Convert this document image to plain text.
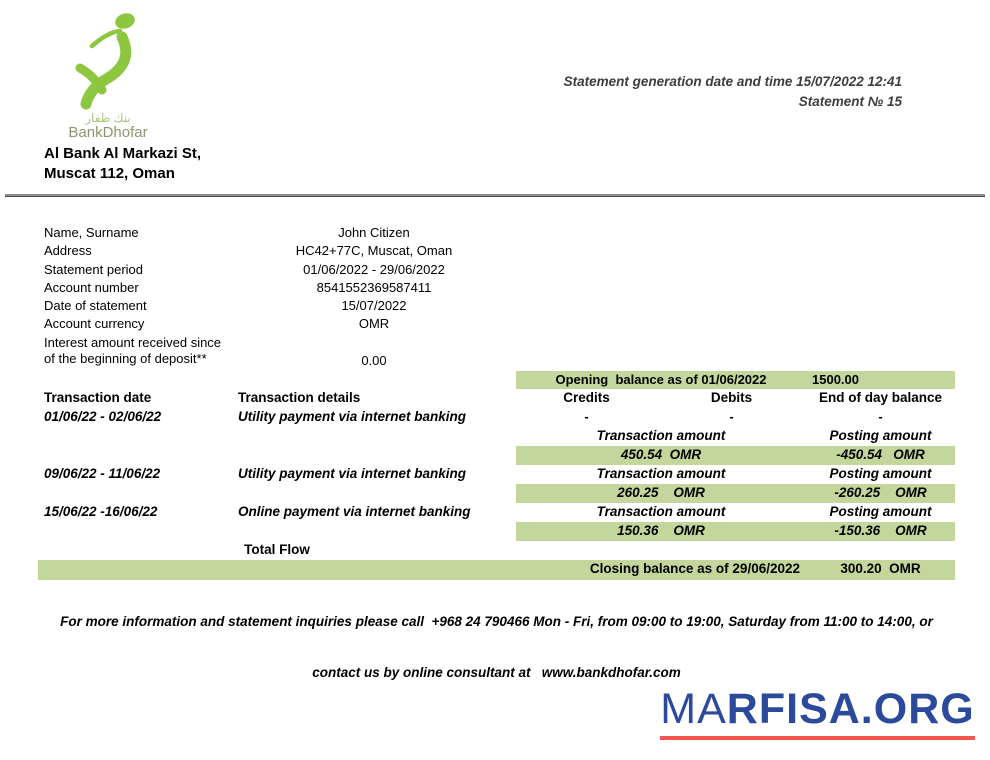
بنك ظفار
BankDhofar
Statement generation date and time 15/07/2022 12:41
Statement № 15
Al Bank Al Markazi St,
Muscat 112, Oman
Name, Surname	John Citizen			
Address	HC42+77C, Muscat, Oman			
Statement period	01/06/2022 - 29/06/2022			
Account number	8541552369587411			
Date of statement	15/07/2022			
Account currency	OMR			

Interest amount received since
of the beginning of deposit**	0.00			
		Opening  balance as of 01/06/2022		1500.00
Transaction date	Transaction details	Credits	Debits	End of day balance
01/06/22 - 02/06/22	Utility payment via internet banking	-	-	-
		Transaction amount		Posting amount
		450.54  OMR		-450.54   OMR
09/06/22 - 11/06/22	Utility payment via internet banking	Transaction amount		Posting amount
		260.25    OMR		-260.25    OMR
15/06/22 -16/06/22	Online payment via internet banking	Transaction amount		Posting amount
		150.36    OMR		-150.36    OMR
Total Flow				
Closing balance as of 29/06/2022				300.20  OMR

For more information and statement inquiries please call  +968 24 790466 Mon - Fri, from 09:00 to 19:00, Saturday from 11:00 to 14:00, or

contact us by online consultant at   www.bankdhofar.com				

MARFISA.ORG
